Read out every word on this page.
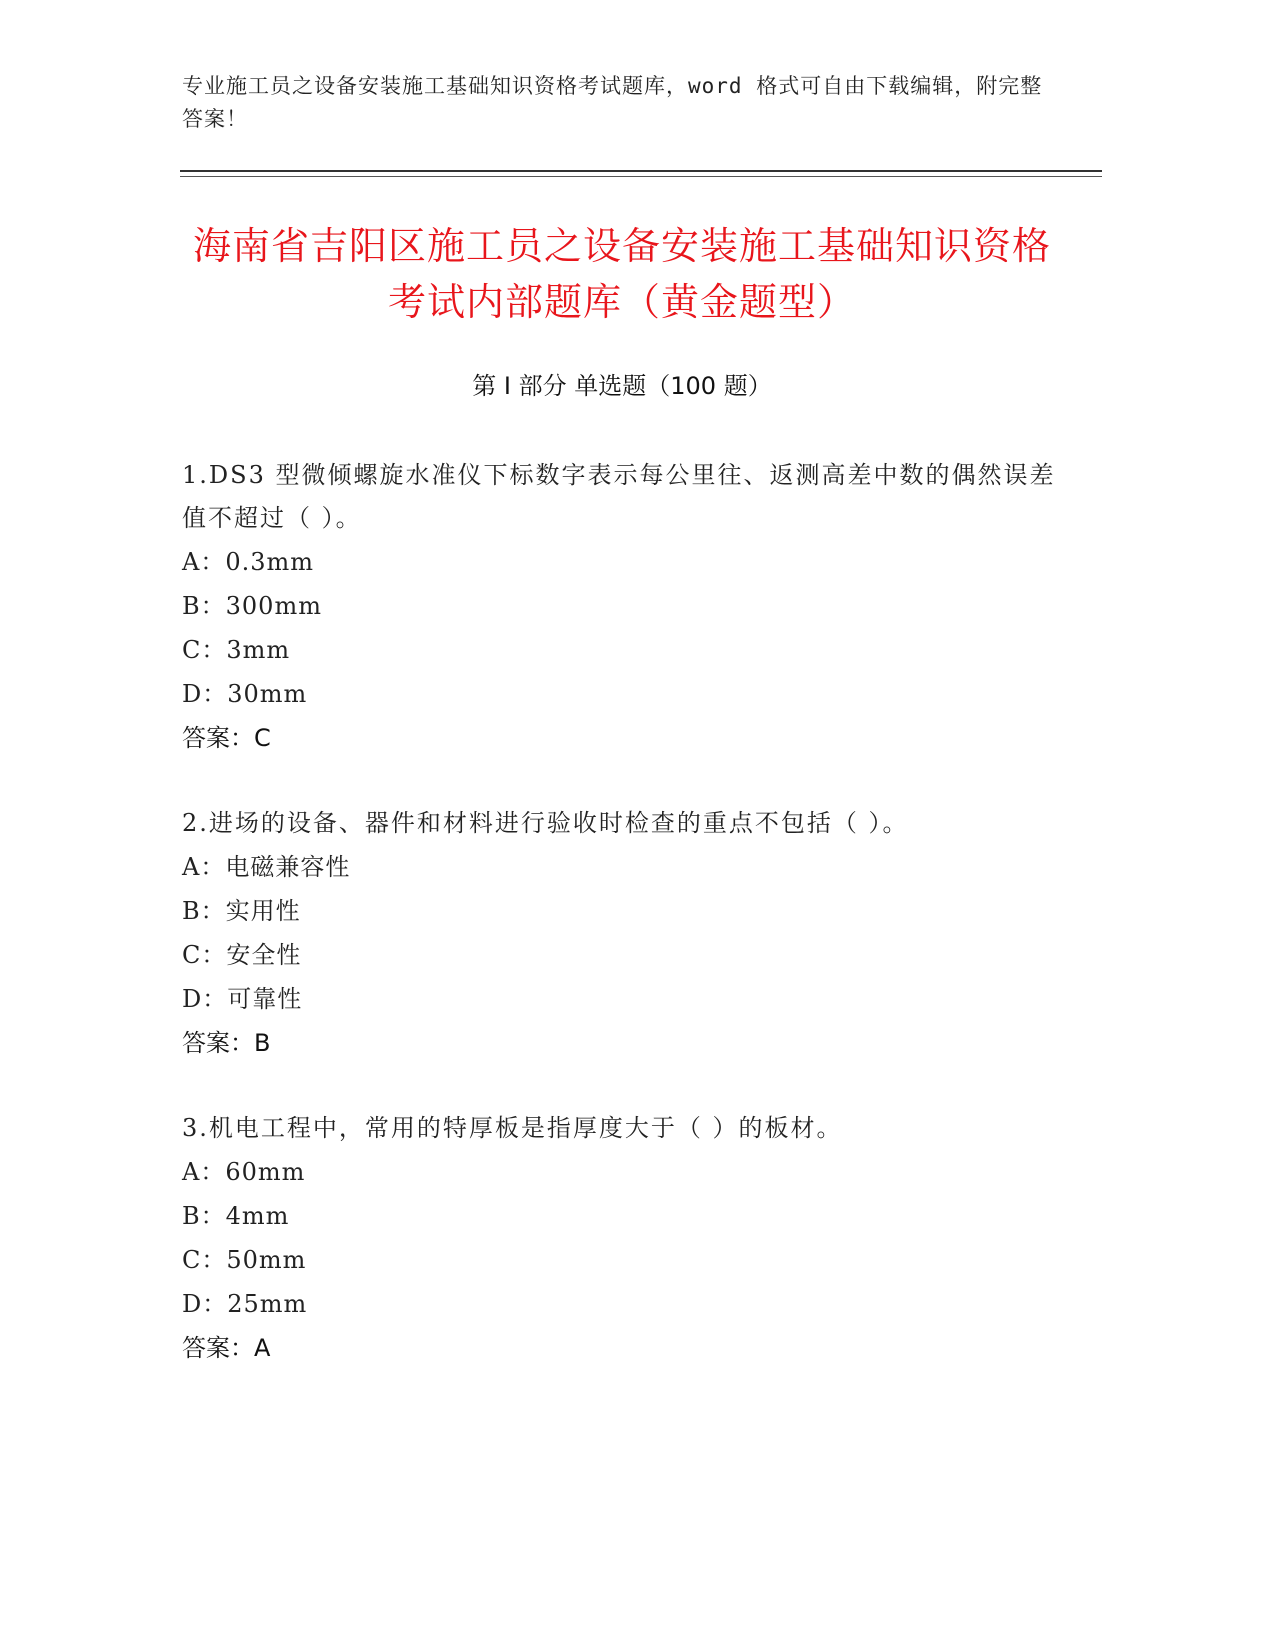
专业施工员之设备安装施工基础知识资格考试题库，word 格式可自由下载编辑，附完整答案！
海南省吉阳区施工员之设备安装施工基础知识资格考试内部题库（黄金题型）
第 I 部分 单选题（100 题）
1.DS3 型微倾螺旋水准仪下标数字表示每公里往、返测高差中数的偶然误差值不超过（ ）。
A：0.3mm
B：300mm
C：3mm
D：30mm
答案：C
2.进场的设备、器件和材料进行验收时检查的重点不包括（ ）。
A：电磁兼容性
B：实用性
C：安全性
D：可靠性
答案：B
3.机电工程中，常用的特厚板是指厚度大于（ ）的板材。
A：60mm
B：4mm
C：50mm
D：25mm
答案：A
